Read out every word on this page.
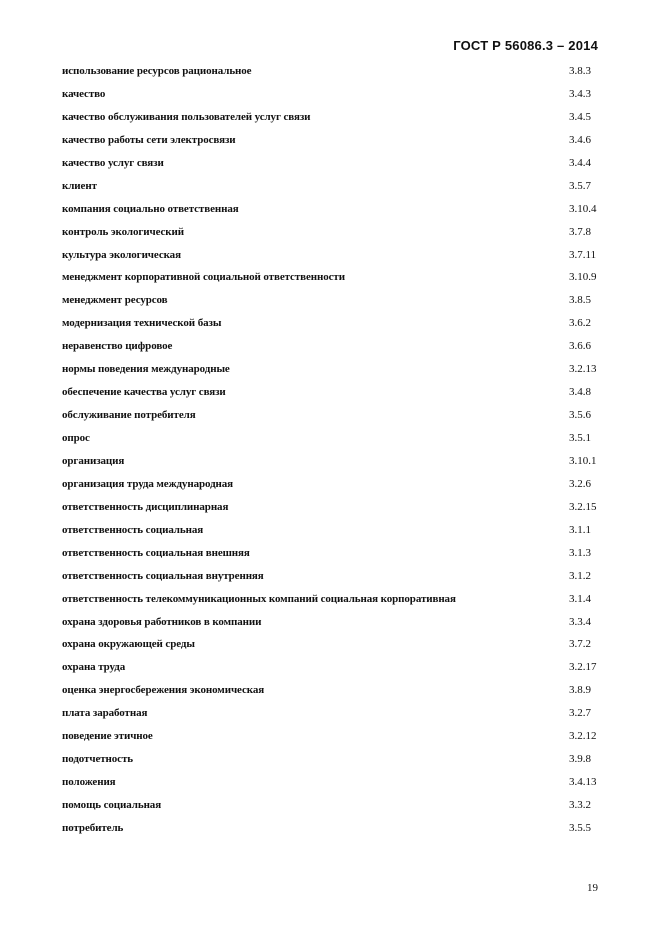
ГОСТ Р 56086.3 – 2014
использование ресурсов рациональное	3.8.3
качество	3.4.3
качество обслуживания пользователей услуг связи	3.4.5
качество работы сети электросвязи	3.4.6
качество услуг связи	3.4.4
клиент	3.5.7
компания социально ответственная	3.10.4
контроль экологический	3.7.8
культура экологическая	3.7.11
менеджмент корпоративной социальной ответственности	3.10.9
менеджмент ресурсов	3.8.5
модернизация технической базы	3.6.2
неравенство цифровое	3.6.6
нормы поведения международные	3.2.13
обеспечение качества услуг связи	3.4.8
обслуживание потребителя	3.5.6
опрос	3.5.1
организация	3.10.1
организация труда международная	3.2.6
ответственность дисциплинарная	3.2.15
ответственность социальная	3.1.1
ответственность социальная внешняя	3.1.3
ответственность социальная внутренняя	3.1.2
ответственность телекоммуникационных компаний социальная корпоративная	3.1.4
охрана здоровья работников в компании	3.3.4
охрана окружающей среды	3.7.2
охрана труда	3.2.17
оценка энергосбережения экономическая	3.8.9
плата заработная	3.2.7
поведение этичное	3.2.12
подотчетность	3.9.8
положения	3.4.13
помощь социальная	3.3.2
потребитель	3.5.5
19
